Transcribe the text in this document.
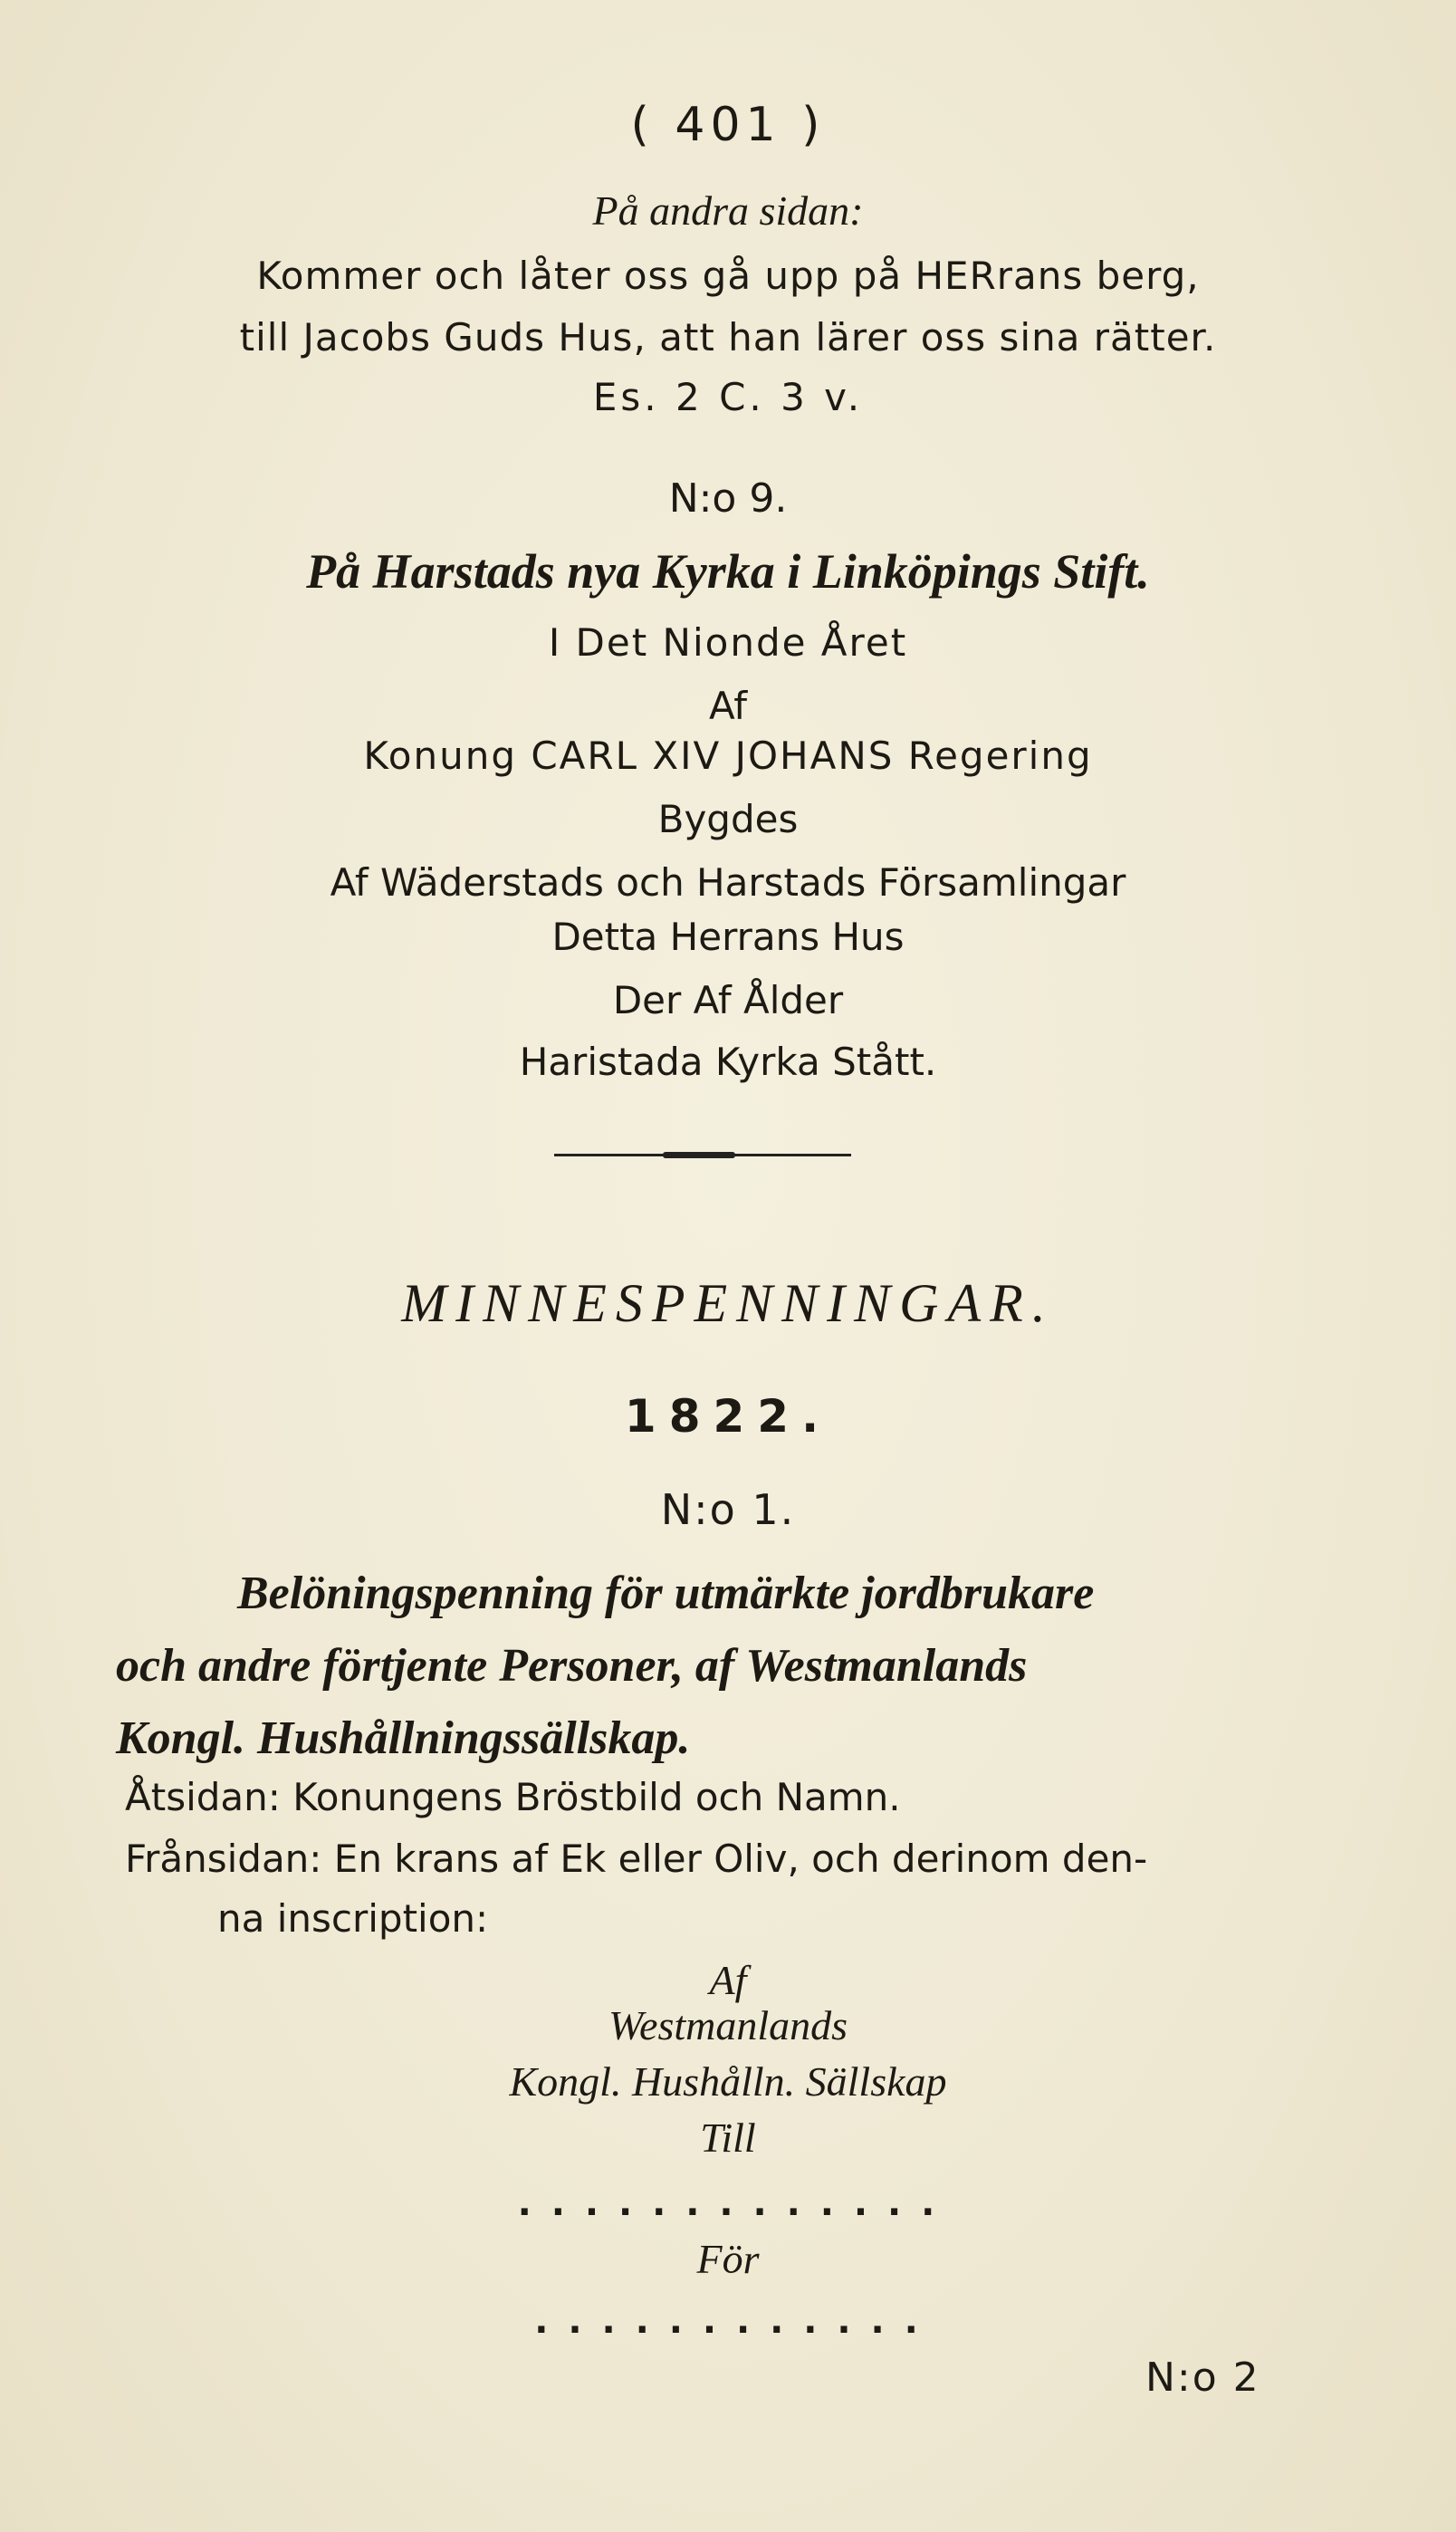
( 401 )
På andra sidan:
Kommer och låter oss gå upp på HERrans berg,
till Jacobs Guds Hus, att han lärer oss sina rätter.
Es. 2 C. 3 v.
N:o 9.
På Harstads nya Kyrka i Linköpings Stift.
I Det Nionde Året
Af
Konung CARL XIV JOHANS Regering
Bygdes
Af Wäderstads och Harstads Församlingar
Detta Herrans Hus
Der Af Ålder
Haristada Kyrka Stått.
MINNESPENNINGAR.
1822.
N:o 1.
Belöningspenning för utmärkte jordbrukare
och andre förtjente Personer, af Westmanlands
Kongl. Hushållningssällskap.
Åtsidan: Konungens Bröstbild och Namn.
Frånsidan: En krans af Ek eller Oliv, och derinom den-
na inscription:
Af
Westmanlands
Kongl. Hushålln. Sällskap
Till
. . . . . . . . . . . . .
För
. . . . . . . . . . . .
N:o 2
